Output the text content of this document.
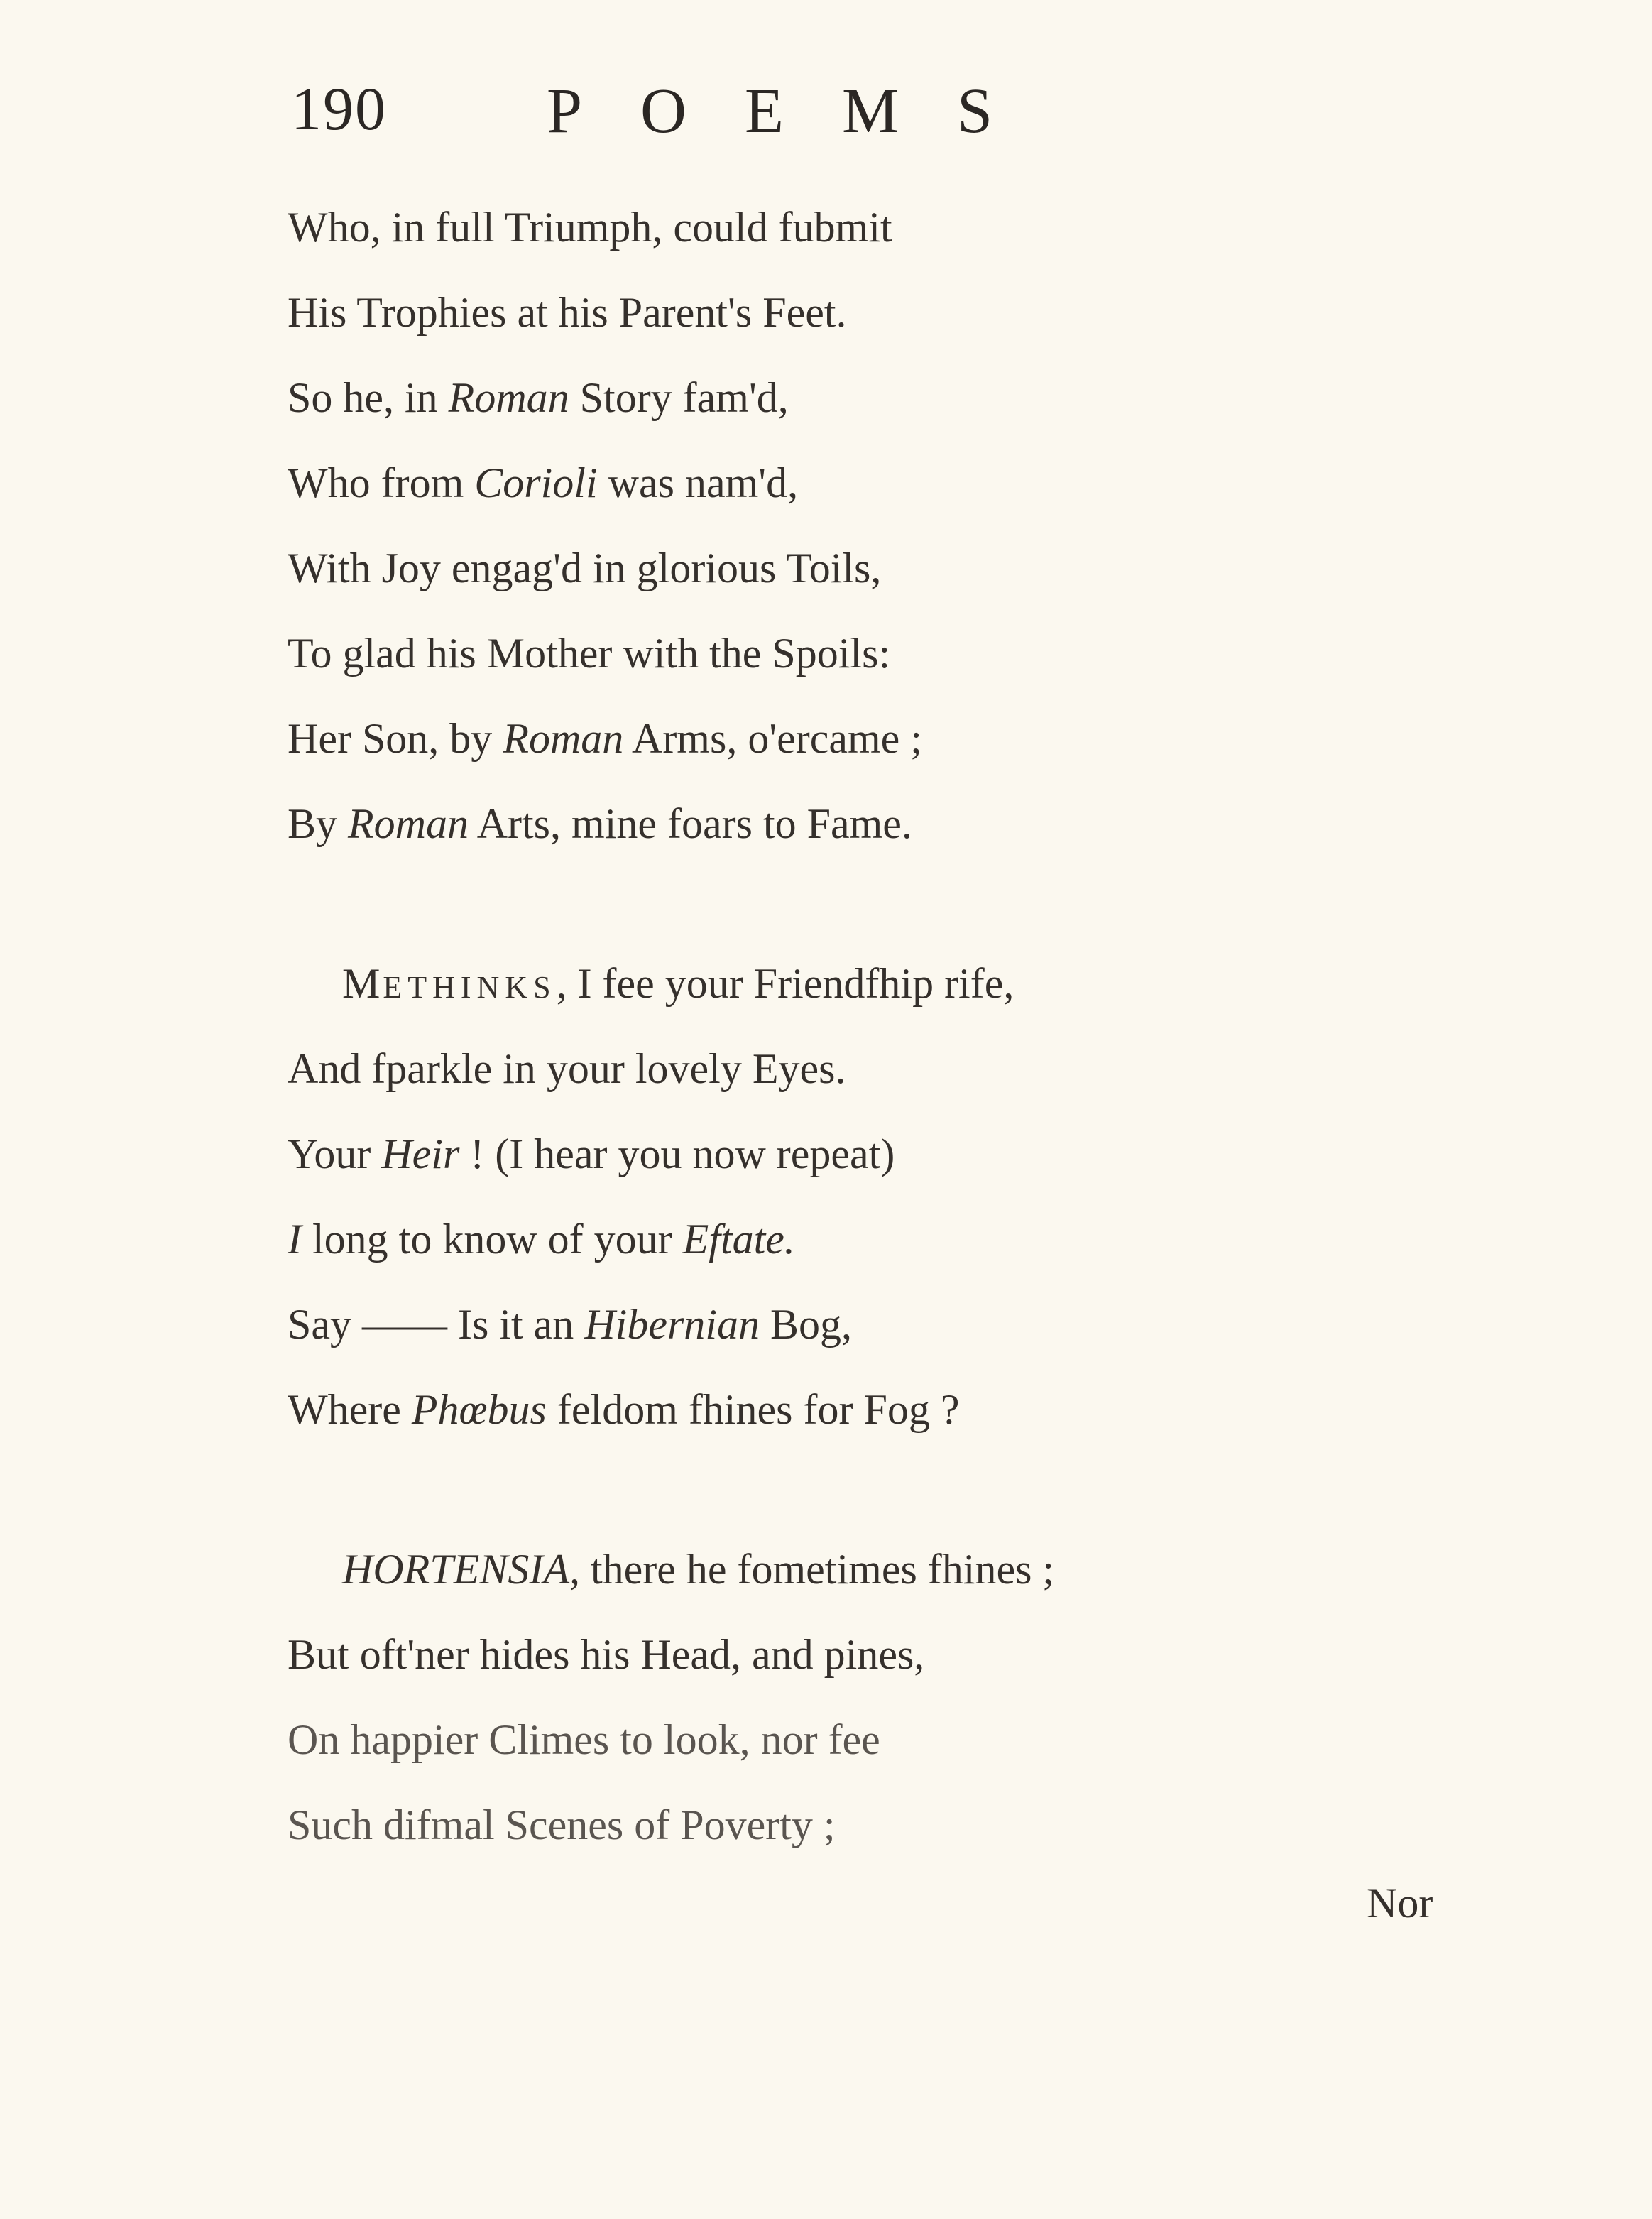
190	POEMS
Who, in full Triumph, could fubmit
His Trophies at his Parent's Feet.
So he, in Roman Story fam'd,
Who from Corioli was nam'd,
With Joy engag'd in glorious Toils,
To glad his Mother with the Spoils:
Her Son, by Roman Arms, o'ercame ;
By Roman Arts, mine foars to Fame.
METHINKS, I fee your Friendfhip rife,
And fparkle in your lovely Eyes.
Your Heir ! (I hear you now repeat)
I long to know of your Eftate.
Say —— Is it an Hibernian Bog,
Where Phœbus feldom fhines for Fog ?
HORTENSIA, there he fometimes fhines ;
But oft'ner hides his Head, and pines,
On happier Climes to look, nor fee
Such difmal Scenes of Poverty ;
Nor
